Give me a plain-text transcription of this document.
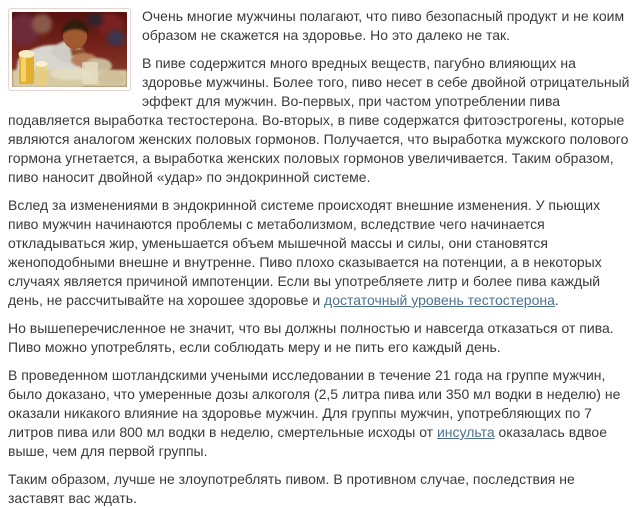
Очень многие мужчины полагают, что пиво безопасный продукт и не коим образом не скажется на здоровье. Но это далеко не так.

В пиве содержится много вредных веществ, пагубно влияющих на здоровье мужчины. Более того, пиво несет в себе двойной отрицательный эффект для мужчин. Во-первых, при частом употреблении пива подавляется выработка тестостерона. Во-вторых, в пиве содержатся фитоэстрогены, которые являются аналогом женских половых гормонов. Получается, что выработка мужского полового гормона угнетается, а выработка женских половых гормонов увеличивается. Таким образом, пиво наносит двойной «удар» по эндокринной системе.

Вслед за изменениями в эндокринной системе происходят внешние изменения. У пьющих пиво мужчин начинаются проблемы с метаболизмом, вследствие чего начинается откладываться жир, уменьшается объем мышечной массы и силы, они становятся женоподобными внешне и внутренне. Пиво плохо сказывается на потенции, а в некоторых случаях является причиной импотенции. Если вы употребляете литр и более пива каждый день, не рассчитывайте на хорошее здоровье и достаточный уровень тестостерона.

Но вышеперечисленное не значит, что вы должны полностью и навсегда отказаться от пива. Пиво можно употреблять, если соблюдать меру и не пить его каждый день.

В проведенном шотландскими учеными исследовании в течение 21 года на группе мужчин, было доказано, что умеренные дозы алкоголя (2,5 литра пива или 350 мл водки в неделю) не оказали никакого влияние на здоровье мужчин. Для группы мужчин, употребляющих по 7 литров пива или 800 мл водки в неделю, смертельные исходы от инсульта оказалась вдвое выше, чем для первой группы.

Таким образом, лучше не злоупотреблять пивом. В противном случае, последствия не заставят вас ждать.
